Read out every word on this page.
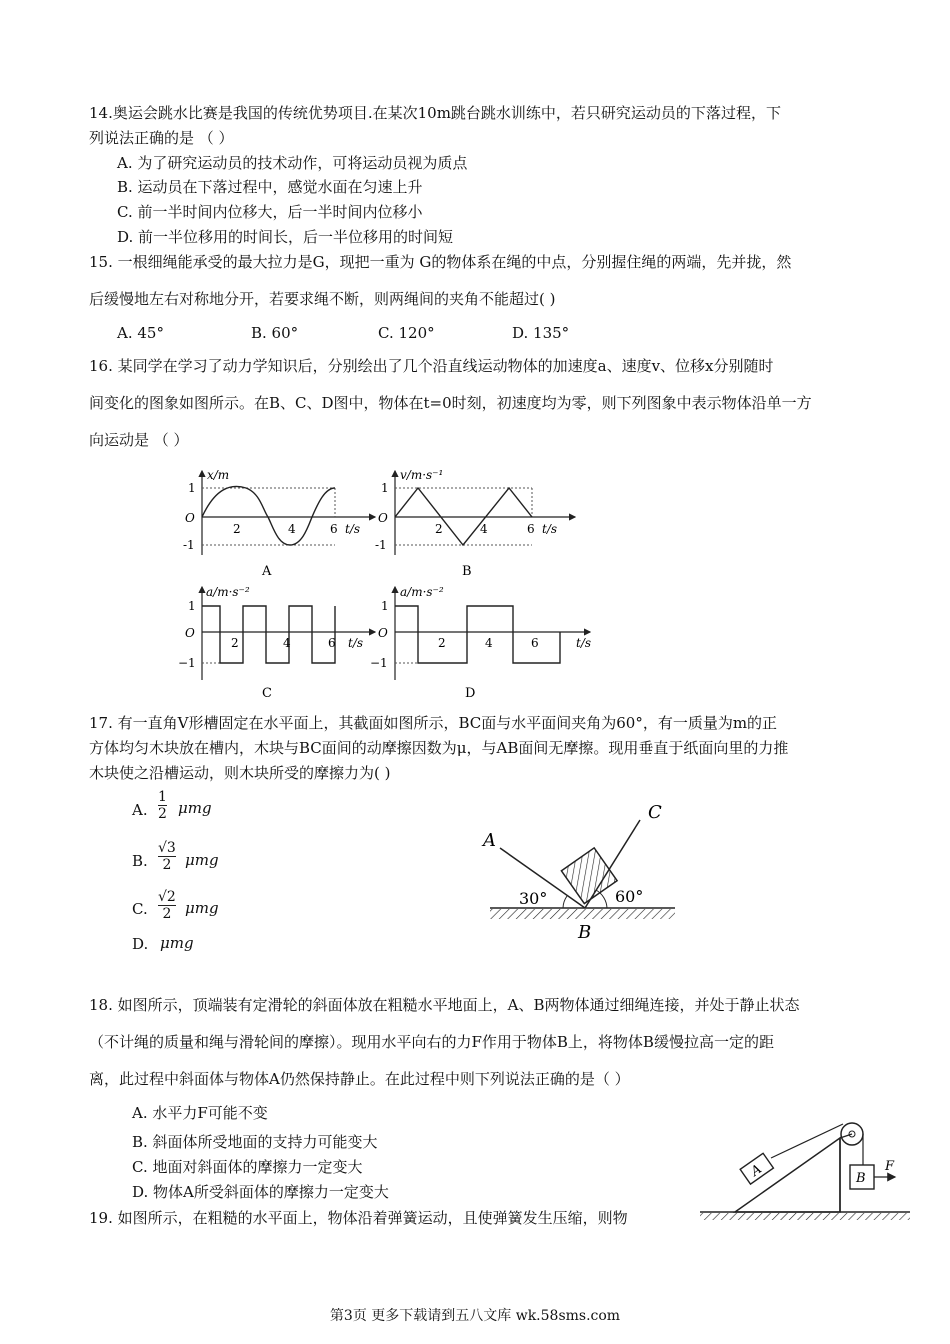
14.奥运会跳水比赛是我国的传统优势项目.在某次10m跳台跳水训练中，若只研究运动员的下落过程，下
列说法正确的是 （ ）
A. 为了研究运动员的技术动作，可将运动员视为质点
B. 运动员在下落过程中，感觉水面在匀速上升
C. 前一半时间内位移大，后一半时间内位移小
D. 前一半位移用的时间长，后一半位移用的时间短
15. 一根细绳能承受的最大拉力是G，现把一重为 G的物体系在绳的中点，分别握住绳的两端，先并拢，然
后缓慢地左右对称地分开，若要求绳不断，则两绳间的夹角不能超过( )
A. 45°	B. 60°	C. 120°	D. 135°
16. 某同学在学习了动力学知识后，分别绘出了几个沿直线运动物体的加速度a、速度v、位移x分别随时
间变化的图象如图所示。在B、C、D图中，物体在t=0时刻，初速度均为零，则下列图象中表示物体沿单一方
向运动是 （ ）
x/m
1
O
-1
2	4	6 t/s
A
v/m·s⁻¹
1
O
-1
2	4	6 t/s
B
a/m·s⁻²
1
O
−1
2	4	6 t/s
C
a/m·s⁻²
1
O
−1
2	4	6	t/s
D
17. 有一直角V形槽固定在水平面上，其截面如图所示，BC面与水平面间夹角为60°，有一质量为m的正
方体均匀木块放在槽内，木块与BC面间的动摩擦因数为μ，与AB面间无摩擦。现用垂直于纸面向里的力推
木块使之沿槽运动，则木块所受的摩擦力为( )
A. $\frac{1}{2}$ μmg
B. $\frac{√3}{2}$ μmg
C. $\frac{√2}{2}$ μmg
D. μmg
A
C
B
30°	60°
18. 如图所示，顶端装有定滑轮的斜面体放在粗糙水平地面上，A、B两物体通过细绳连接，并处于静止状态
（不计绳的质量和绳与滑轮间的摩擦）。现用水平向右的力F作用于物体B上，将物体B缓慢拉高一定的距
离，此过程中斜面体与物体A仍然保持静止。在此过程中则下列说法正确的是（ ）
A. 水平力F可能不变
B. 斜面体所受地面的支持力可能变大
C. 地面对斜面体的摩擦力一定变大
D. 物体A所受斜面体的摩擦力一定变大
A	B
F
19. 如图所示，在粗糙的水平面上，物体沿着弹簧运动，且使弹簧发生压缩，则物
第3页 更多下载请到五八文库 wk.58sms.com
